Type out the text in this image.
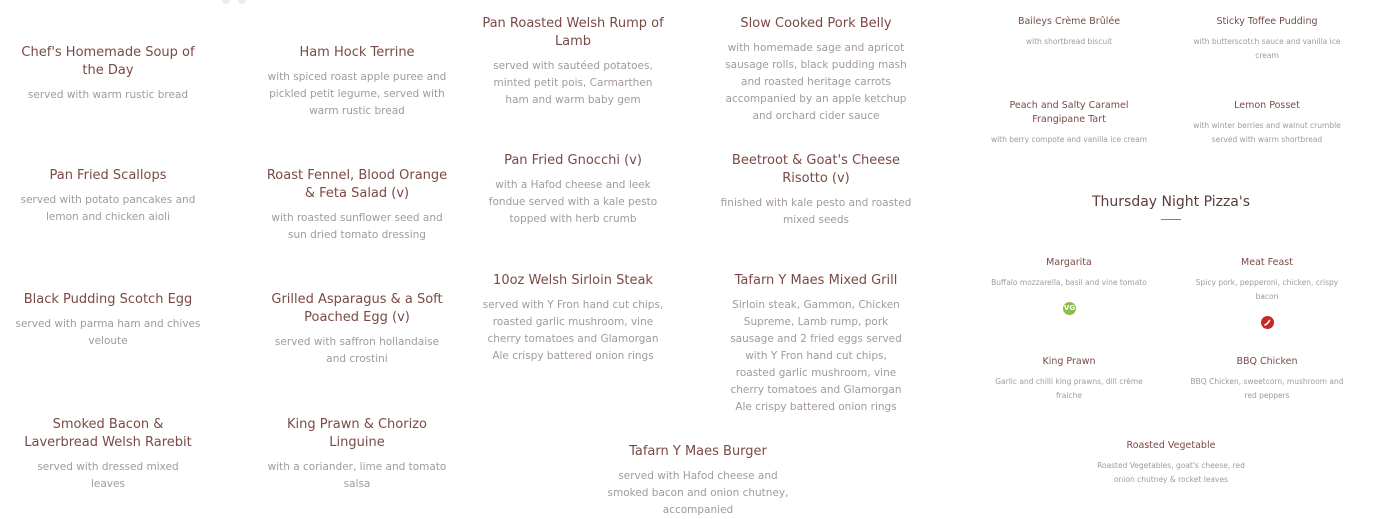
Chef's Homemade Soup of the Day
served with warm rustic bread
Pan Fried Scallops
served with potato pancakes and lemon and chicken aioli
Black Pudding Scotch Egg
served with parma ham and chives veloute
Smoked Bacon & Laverbread Welsh Rarebit
served with dressed mixed leaves
Ham Hock Terrine
with spiced roast apple puree and pickled petit legume, served with warm rustic bread
Roast Fennel, Blood Orange & Feta Salad (v)
with roasted sunflower seed and sun dried tomato dressing
Grilled Asparagus & a Soft Poached Egg (v)
served with saffron hollandaise and crostini
King Prawn & Chorizo Linguine
with a coriander, lime and tomato salsa
Pan Roasted Welsh Rump of Lamb
served with sautéed potatoes, minted petit pois, Carmarthen ham and warm baby gem
Pan Fried Gnocchi (v)
with a Hafod cheese and leek fondue served with a kale pesto topped with herb crumb
10oz Welsh Sirloin Steak
served with Y Fron hand cut chips, roasted garlic mushroom, vine cherry tomatoes and Glamorgan Ale crispy battered onion rings
Slow Cooked Pork Belly
with homemade sage and apricot sausage rolls, black pudding mash and roasted heritage carrots accompanied by an apple ketchup and orchard cider sauce
Beetroot & Goat's Cheese Risotto (v)
finished with kale pesto and roasted mixed seeds
Tafarn Y Maes Mixed Grill
Sirloin steak, Gammon, Chicken Supreme, Lamb rump, pork sausage and 2 fried eggs served with Y Fron hand cut chips, roasted garlic mushroom, vine cherry tomatoes and Glamorgan Ale crispy battered onion rings
Tafarn Y Maes Burger
served with Hafod cheese and smoked bacon and onion chutney, accompanied
Baileys Crème Brûlée
with shortbread biscuit
Sticky Toffee Pudding
with butterscotch sauce and vanilla ice cream
Peach and Salty Caramel Frangipane Tart
with berry compote and vanilla ice cream
Lemon Posset
with winter berries and walnut crumble served with warm shortbread
Thursday Night Pizza's
Margarita
Buffalo mozzarella, basil and vine tomato
VG
Meat Feast
Spicy pork, pepperoni, chicken, crispy bacon
King Prawn
Garlic and chilli king prawns, dill crème fraiche
BBQ Chicken
BBQ Chicken, sweetcorn, mushroom and red peppers
Roasted Vegetable
Roasted Vegetables, goat's cheese, red onion chutney & rocket leaves
